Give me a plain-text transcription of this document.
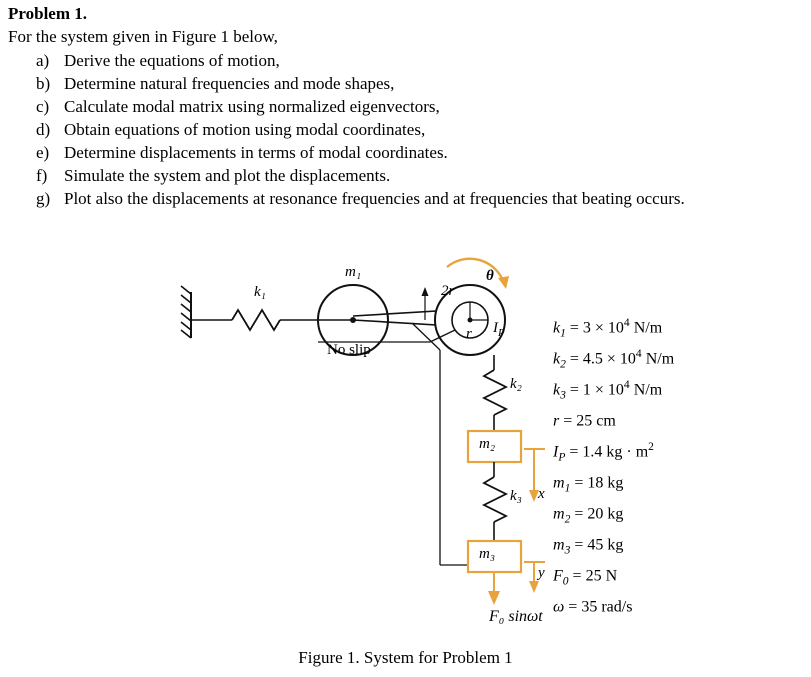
Problem 1.
For the system given in Figure 1 below,
a) Derive the equations of motion,
b) Determine natural frequencies and mode shapes,
c) Calculate modal matrix using normalized eigenvectors,
d) Obtain equations of motion using modal coordinates,
e) Determine displacements in terms of modal coordinates.
f) Simulate the system and plot the displacements.
g) Plot also the displacements at resonance frequencies and at frequencies that beating occurs.
k₁
m₁
2r
r
θ
$I_P$
No slip
k₂
k₃
m₂
m₃
x
y
F₀ sinωt
$k_1 = 3 \times 10^4$ N/m
$k_2 = 4.5 \times 10^4$ N/m
$k_3 = 1 \times 10^4$ N/m
r = 25 cm
$I_P = 1.4$ kg · $m^2$
$m_1 = 18$ kg
$m_2 = 20$ kg
$m_3 = 45$ kg
$F_0 = 25$ N
ω = 35 rad/s
Figure 1. System for Problem 1
